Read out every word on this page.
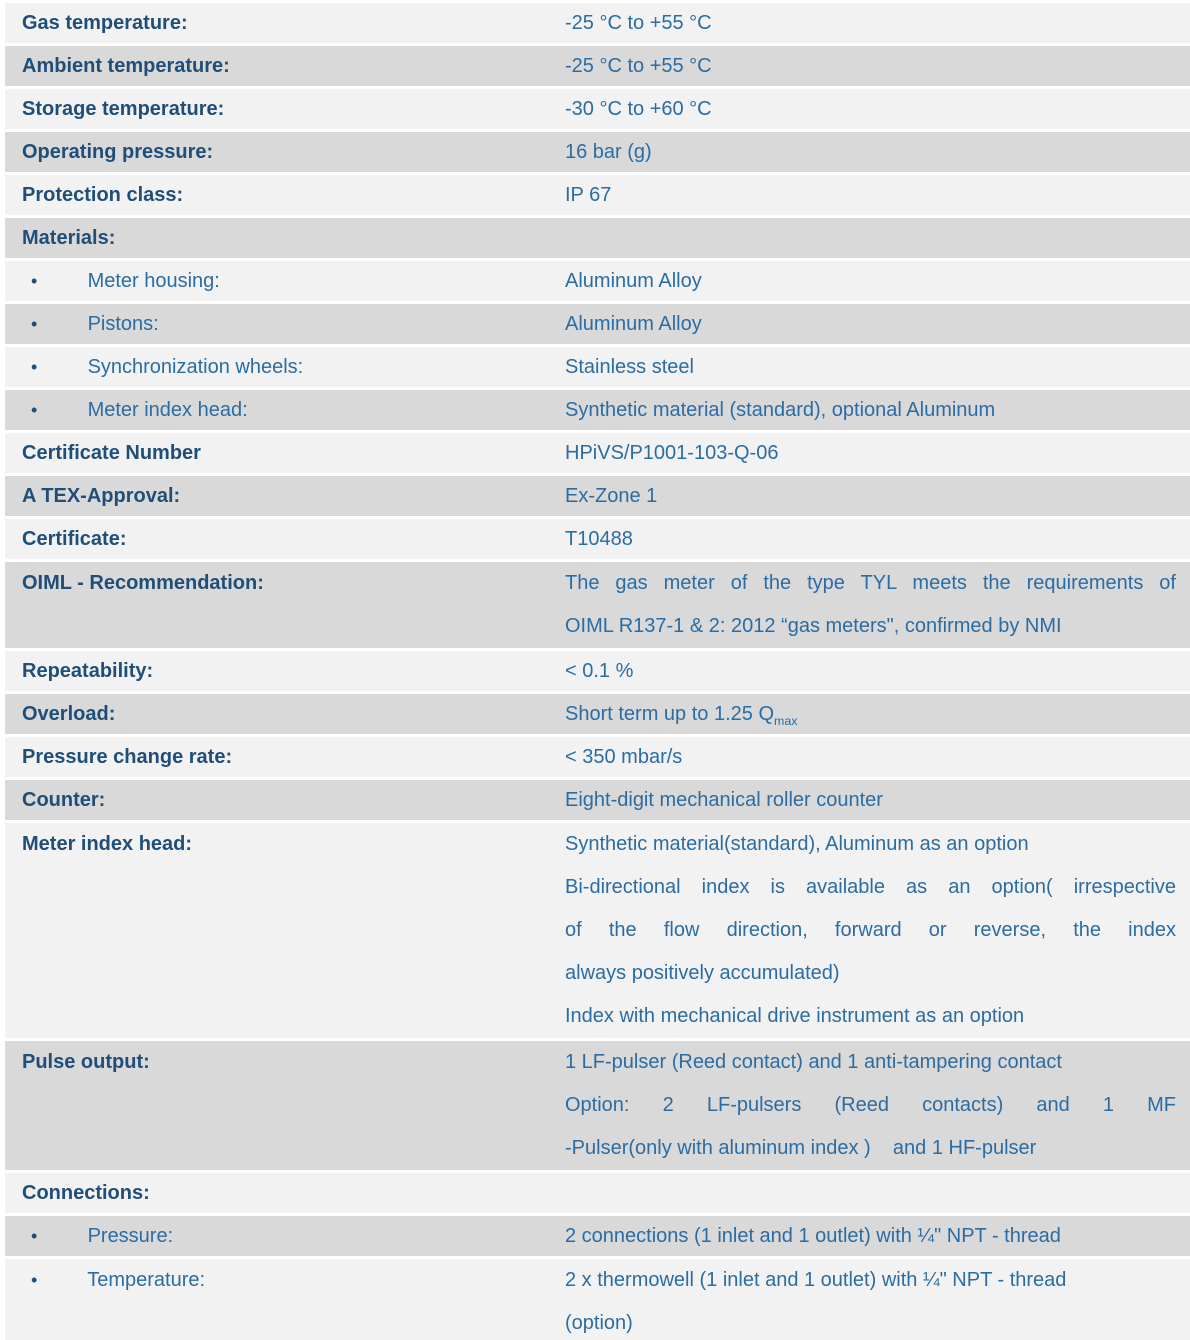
Gas temperature:	-25 °C to +55 °C
Ambient temperature:	-25 °C to +55 °C
Storage temperature:	-30 °C to +60 °C
Operating pressure:	16 bar (g)
Protection class:	IP 67
Materials:
•	Meter housing:	Aluminum Alloy
•	Pistons:	Aluminum Alloy
•	Synchronization wheels:	Stainless steel
•	Meter index head:	Synthetic material (standard), optional Aluminum
Certificate Number	HPiVS/P1001-103-Q-06
A TEX-Approval:	Ex-Zone 1
Certificate:	T10488
OIML - Recommendation:	The gas meter of the type TYL meets the requirements of
OIML R137-1 & 2: 2012 “gas meters", confirmed by NMI
Repeatability:	< 0.1 %
Overload:	Short term up to 1.25 $Q_{max}$
Pressure change rate:	< 350 mbar/s
Counter:	Eight-digit mechanical roller counter
Meter index head:	Synthetic material(standard), Aluminum as an option
Bi-directional index is available as an option( irrespective
of the flow direction, forward or reverse, the index
always positively accumulated)
Index with mechanical drive instrument as an option
Pulse output:	1 LF-pulser (Reed contact) and 1 anti-tampering contact
Option: 2 LF-pulsers (Reed contacts) and 1 MF
-Pulser(only with aluminum index )    and 1 HF-pulser
Connections:
•	Pressure:	2 connections (1 inlet and 1 outlet) with ¼" NPT - thread
• Temperature:	2 x thermowell (1 inlet and 1 outlet) with ¼" NPT - thread
(option)
